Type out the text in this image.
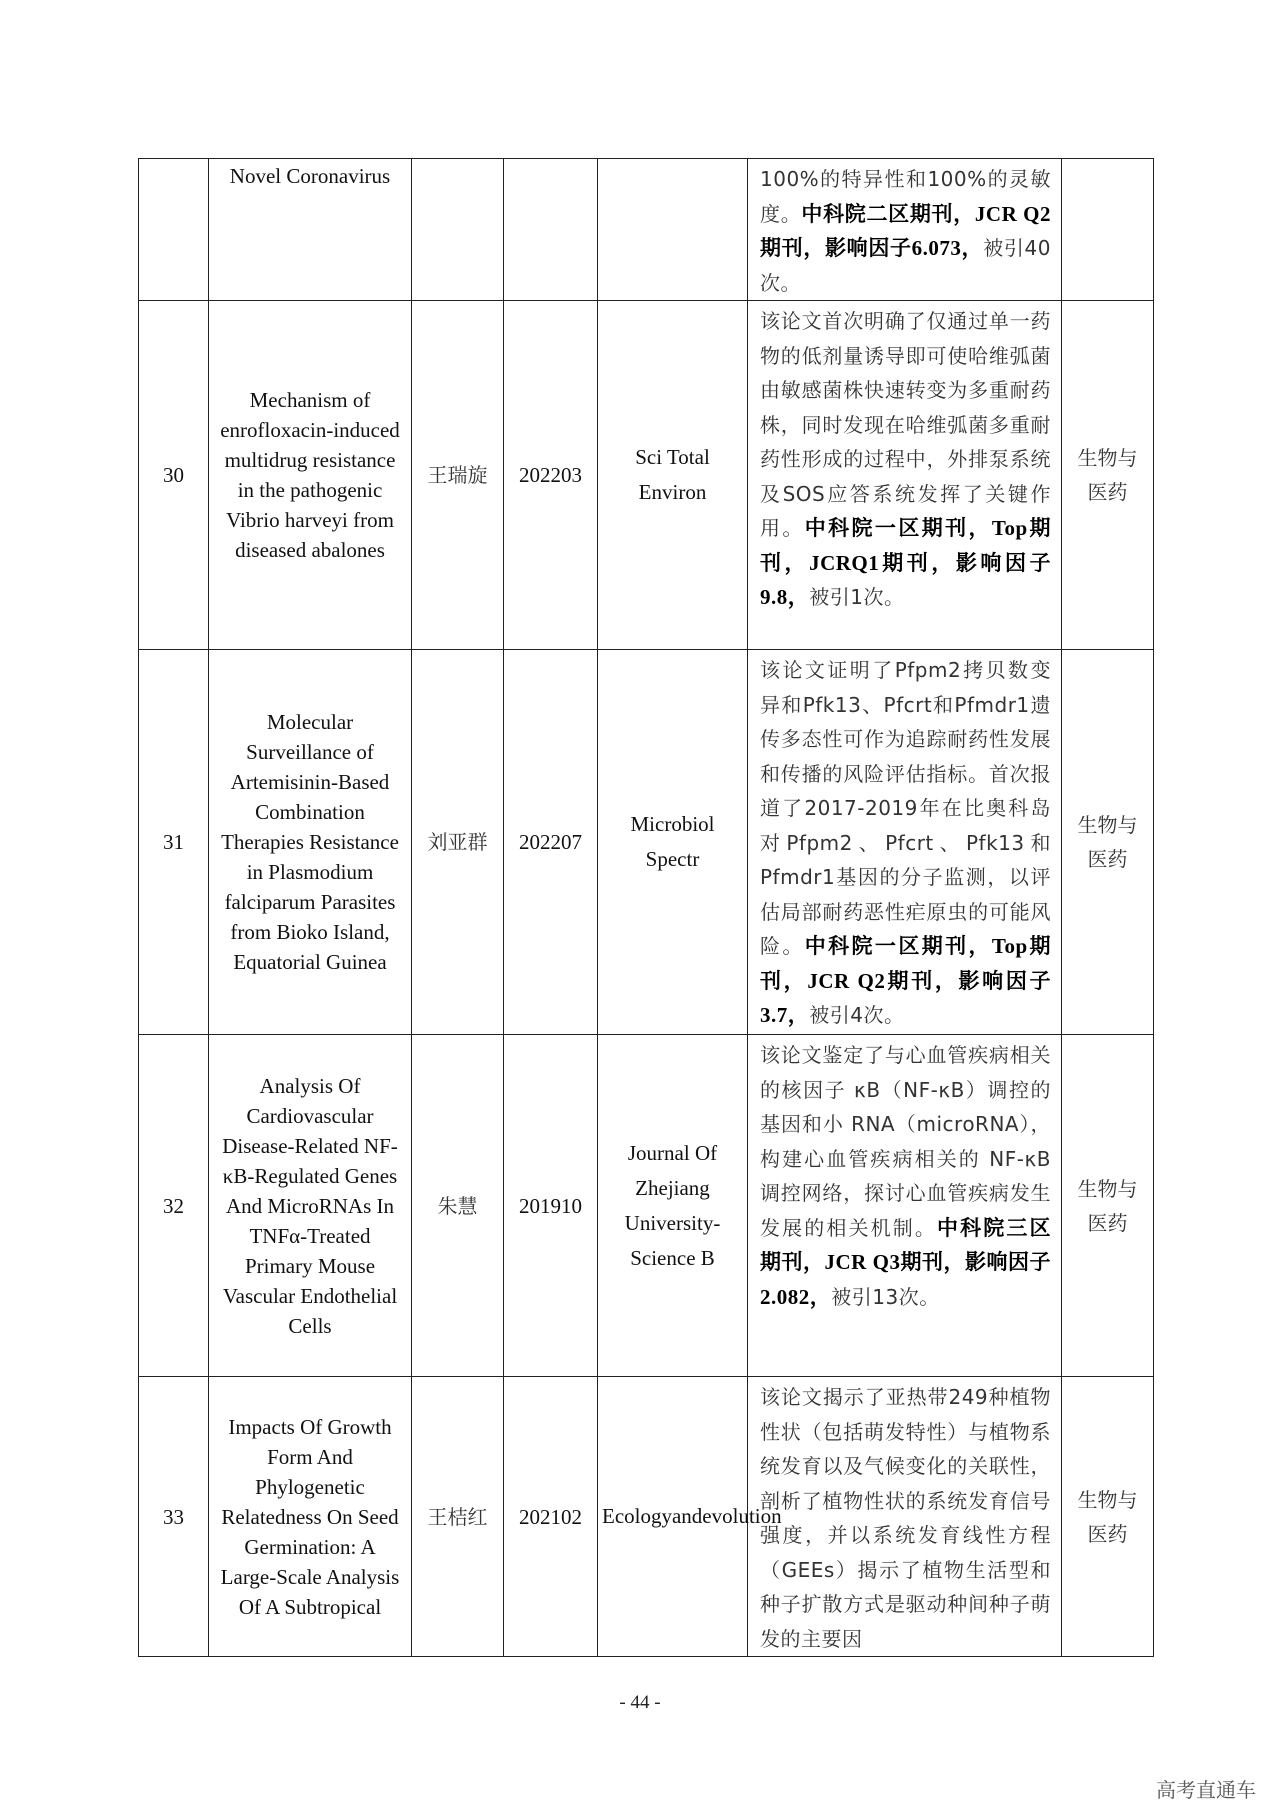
	Novel Coronavirus				100%的特异性和100%的灵敏度。中科院二区期刊，JCR Q2期刊，影响因子6.073，被引40次。	
30	Mechanism of enrofloxacin-induced multidrug resistance in the pathogenic Vibrio harveyi from diseased abalones	王瑞旋	202203	Sci Total Environ	该论文首次明确了仅通过单一药物的低剂量诱导即可使哈维弧菌由敏感菌株快速转变为多重耐药株，同时发现在哈维弧菌多重耐药性形成的过程中，外排泵系统及SOS应答系统发挥了关键作用。中科院一区期刊，Top期刊，JCRQ1期刊，影响因子9.8，被引1次。	生物与医药
31	Molecular Surveillance of Artemisinin-Based Combination Therapies Resistance in Plasmodium falciparum Parasites from Bioko Island, Equatorial Guinea	刘亚群	202207	Microbiol Spectr	该论文证明了Pfpm2拷贝数变异和Pfk13、Pfcrt和Pfmdr1遗传多态性可作为追踪耐药性发展和传播的风险评估指标。首次报道了2017-2019年在比奥科岛对Pfpm2、Pfcrt、Pfk13和Pfmdr1基因的分子监测，以评估局部耐药恶性疟原虫的可能风险。中科院一区期刊，Top期刊，JCR Q2期刊，影响因子3.7，被引4次。	生物与医药
32	Analysis Of Cardiovascular Disease-Related NF-κB-Regulated Genes And MicroRNAs In TNFα-Treated Primary Mouse Vascular Endothelial Cells	朱慧	201910	Journal Of Zhejiang University-Science B	该论文鉴定了与心血管疾病相关的核因子 κB（NF-κB）调控的基因和小 RNA（microRNA），构建心血管疾病相关的 NF-κB 调控网络，探讨心血管疾病发生发展的相关机制。中科院三区期刊，JCR Q3期刊，影响因子2.082，被引13次。	生物与医药
33	Impacts Of Growth Form And Phylogenetic Relatedness On Seed Germination: A Large-Scale Analysis Of A Subtropical	王桔红	202102	Ecologyandevolution	该论文揭示了亚热带249种植物性状（包括萌发特性）与植物系统发育以及气候变化的关联性，剖析了植物性状的系统发育信号强度，并以系统发育线性方程（GEEs）揭示了植物生活型和种子扩散方式是驱动种间种子萌发的主要因	生物与医药
- 44 -
高考直通车
